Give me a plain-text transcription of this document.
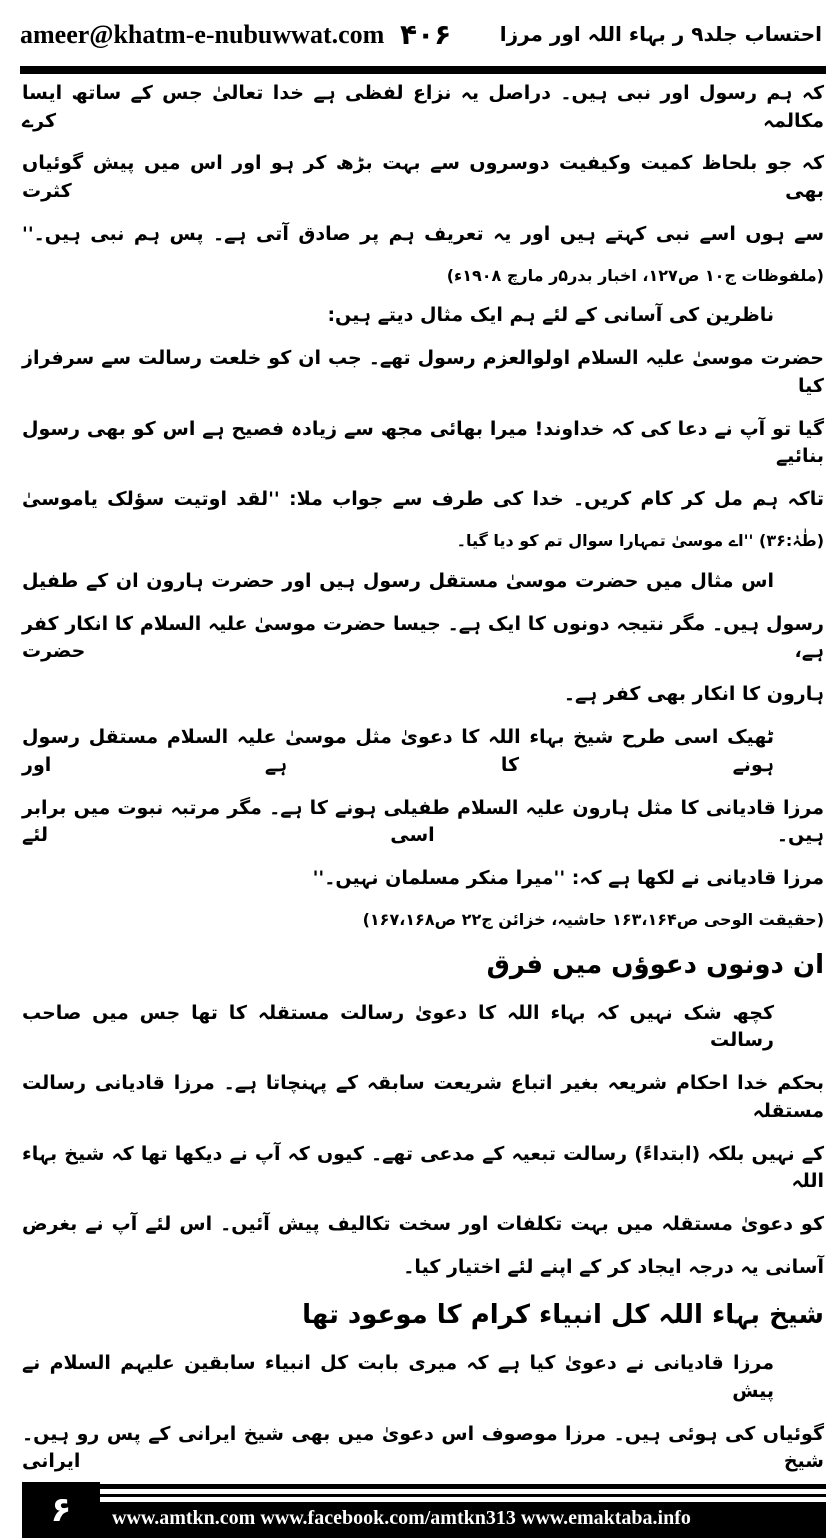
ameer@khatm-e-nubuwwat.com ۴۰۶ احتساب جلد۹ ر بہاء اللہ اور مرزا
کہ ہم رسول اور نبی ہیں۔ دراصل یہ نزاع لفظی ہے خدا تعالیٰ جس کے ساتھ ایسا مکالمہ کرے
کہ جو بلحاظ کمیت وکیفیت دوسروں سے بہت بڑھ کر ہو اور اس میں پیش گوئیاں بھی کثرت
سے ہوں اسے نبی کہتے ہیں اور یہ تعریف ہم پر صادق آتی ہے۔ پس ہم نبی ہیں۔''
(ملفوظات ج۱۰ ص۱۲۷، اخبار بدر۵ر مارچ ۱۹۰۸ء)
ناظرین کی آسانی کے لئے ہم ایک مثال دیتے ہیں:
حضرت موسیٰ علیہ السلام اولوالعزم رسول تھے۔ جب ان کو خلعت رسالت سے سرفراز کیا
گیا تو آپ نے دعا کی کہ خداوند! میرا بھائی مجھ سے زیادہ فصیح ہے اس کو بھی رسول بنائیے
تاکہ ہم مل کر کام کریں۔ خدا کی طرف سے جواب ملا: ''لقد اوتیت سؤلک یاموسیٰ
(طٰہٰ:۳۶) ''اے موسیٰ تمہارا سوال تم کو دیا گیا۔
اس مثال میں حضرت موسیٰ مستقل رسول ہیں اور حضرت ہارون ان کے طفیل
رسول ہیں۔ مگر نتیجہ دونوں کا ایک ہے۔ جیسا حضرت موسیٰ علیہ السلام کا انکار کفر ہے، حضرت
ہارون کا انکار بھی کفر ہے۔
ٹھیک اسی طرح شیخ بہاء اللہ کا دعویٰ مثل موسیٰ علیہ السلام مستقل رسول ہونے کا ہے اور
مرزا قادیانی کا مثل ہارون علیہ السلام طفیلی ہونے کا ہے۔ مگر مرتبہ نبوت میں برابر ہیں۔ اسی لئے
مرزا قادیانی نے لکھا ہے کہ: ''میرا منکر مسلمان نہیں۔''
(حقیقت الوحی ص۱۶۳،۱۶۴ حاشیہ، خزائن ج۲۲ ص۱۶۷،۱۶۸)
ان دونوں دعوؤں میں فرق
کچھ شک نہیں کہ بہاء اللہ کا دعویٰ رسالت مستقلہ کا تھا جس میں صاحب رسالت
بحکم خدا احکام شریعہ بغیر اتباع شریعت سابقہ کے پہنچاتا ہے۔ مرزا قادیانی رسالت مستقلہ
کے نہیں بلکہ (ابتداءً) رسالت تبعیہ کے مدعی تھے۔ کیوں کہ آپ نے دیکھا تھا کہ شیخ بہاء اللہ
کو دعویٰ مستقلہ میں بہت تکلفات اور سخت تکالیف پیش آئیں۔ اس لئے آپ نے بغرض
آسانی یہ درجہ ایجاد کر کے اپنے لئے اختیار کیا۔
شیخ بہاء اللہ کل انبیاء کرام کا موعود تھا
مرزا قادیانی نے دعویٰ کیا ہے کہ میری بابت کل انبیاء سابقین علیہم السلام نے پیش
گوئیاں کی ہوئی ہیں۔ مرزا موصوف اس دعویٰ میں بھی شیخ ایرانی کے پس رو ہیں۔ شیخ ایرانی
۶	www.amtkn.com www.facebook.com/amtkn313 www.emaktaba.info
